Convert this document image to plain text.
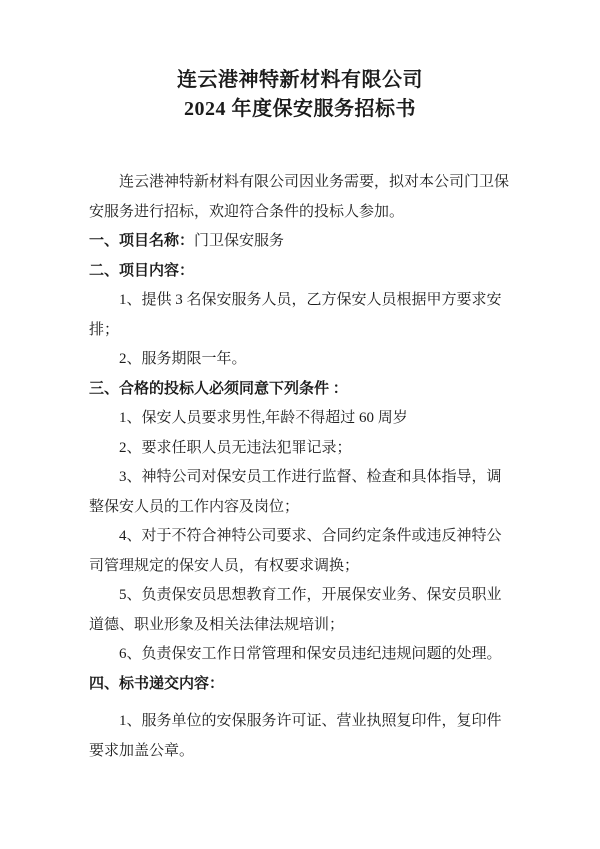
连云港神特新材料有限公司
2024 年度保安服务招标书
连云港神特新材料有限公司因业务需要，拟对本公司门卫保
安服务进行招标，欢迎符合条件的投标人参加。
一、项目名称：门卫保安服务
二、项目内容：
1、提供 3 名保安服务人员，乙方保安人员根据甲方要求安
排；
2、服务期限一年。
三、合格的投标人必须同意下列条件 ：
1、保安人员要求男性,年龄不得超过 60 周岁
2、要求任职人员无违法犯罪记录；
3、神特公司对保安员工作进行监督、检查和具体指导，调
整保安人员的工作内容及岗位；
4、对于不符合神特公司要求、合同约定条件或违反神特公
司管理规定的保安人员，有权要求调换；
5、负责保安员思想教育工作，开展保安业务、保安员职业
道德、职业形象及相关法律法规培训；
6、负责保安工作日常管理和保安员违纪违规问题的处理。
四、标书递交内容：
1、服务单位的安保服务许可证、营业执照复印件，复印件
要求加盖公章。
